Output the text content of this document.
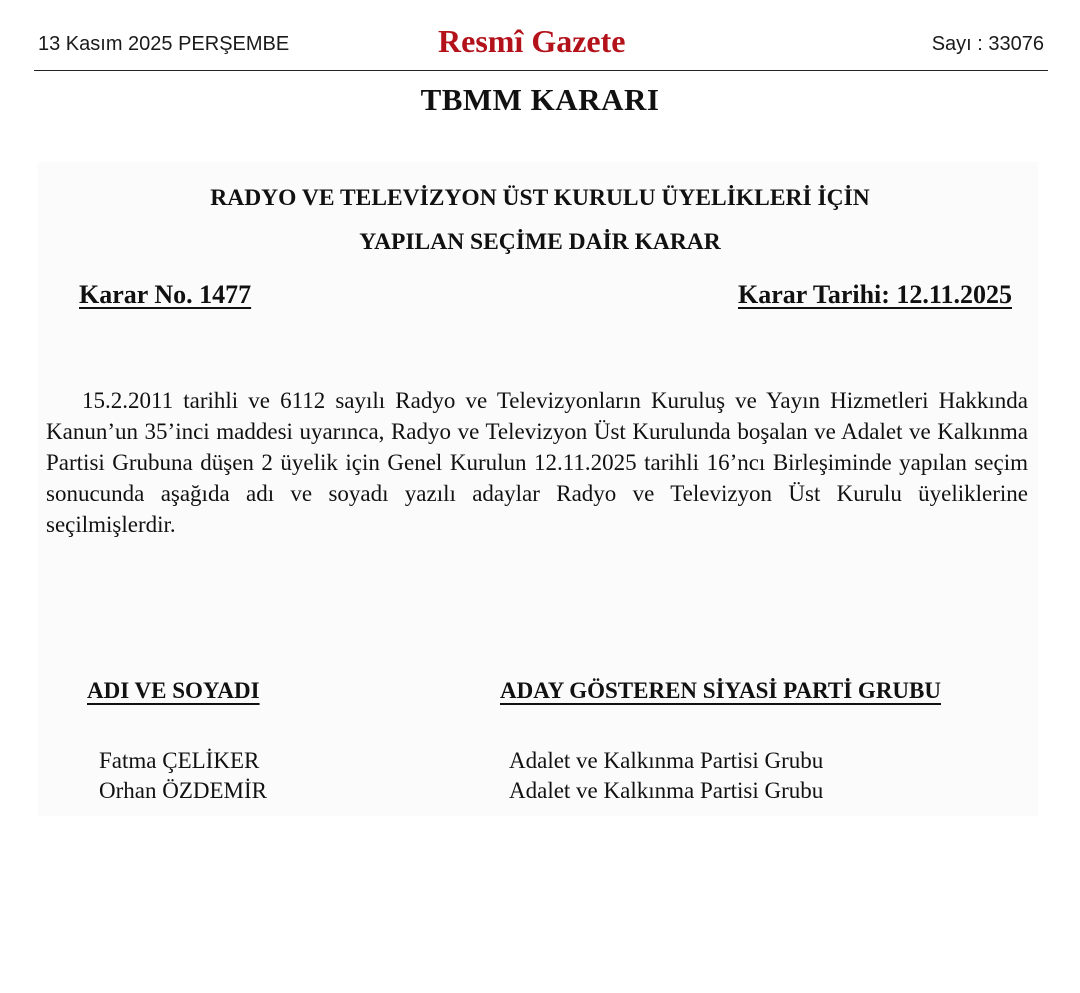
13 Kasım 2025 PERŞEMBE	Resmî Gazete	Sayı : 33076
TBMM KARARI
RADYO VE TELEVİZYON ÜST KURULU ÜYELİKLERİ İÇİN
YAPILAN SEÇİME DAİR KARAR
Karar No. 1477	Karar Tarihi: 12.11.2025
15.2.2011 tarihli ve 6112 sayılı Radyo ve Televizyonların Kuruluş ve Yayın Hizmetleri Hakkında Kanun’un 35’inci maddesi uyarınca, Radyo ve Televizyon Üst Kurulunda boşalan ve Adalet ve Kalkınma Partisi Grubuna düşen 2 üyelik için Genel Kurulun 12.11.2025 tarihli 16’ncı Birleşiminde yapılan seçim sonucunda aşağıda adı ve soyadı yazılı adaylar Radyo ve Televizyon Üst Kurulu üyeliklerine seçilmişlerdir.
ADI VE SOYADI	ADAY GÖSTEREN SİYASİ PARTİ GRUBU
Fatma ÇELİKER	Adalet ve Kalkınma Partisi Grubu
Orhan ÖZDEMİR	Adalet ve Kalkınma Partisi Grubu
